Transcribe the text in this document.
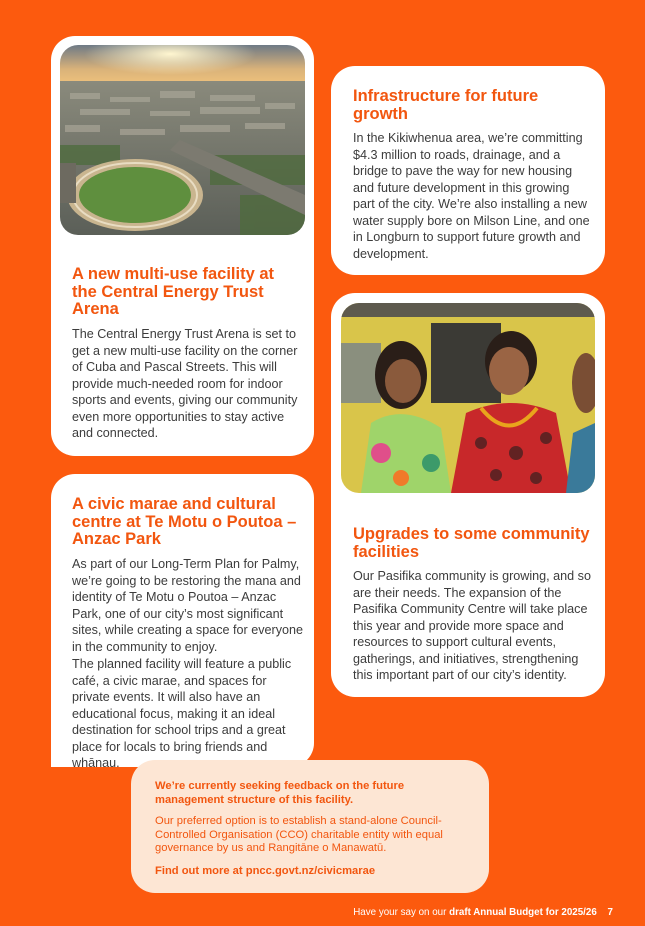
A new multi-use facility at the Central Energy Trust Arena

The Central Energy Trust Arena is set to get a new multi-use facility on the corner of Cuba and Pascal Streets. This will provide much-needed room for indoor sports and events, giving our community even more opportunities to stay active and connected.

Infrastructure for future growth

In the Kikiwhenua area, we’re committing $4.3 million to roads, drainage, and a bridge to pave the way for new housing and future development in this growing part of the city. We’re also installing a new water supply bore on Milson Line, and one in Longburn to support future growth and development.

Upgrades to some community facilities

Our Pasifika community is growing, and so are their needs. The expansion of the Pasifika Community Centre will take place this year and provide more space and resources to support cultural events, gatherings, and initiatives, strengthening this important part of our city’s identity.

A civic marae and cultural centre at Te Motu o Poutoa – Anzac Park

As part of our Long-Term Plan for Palmy, we’re going to be restoring the mana and identity of Te Motu o Poutoa – Anzac Park, one of our city’s most significant sites, while creating a space for everyone in the community to enjoy.

The planned facility will feature a public café, a civic marae, and spaces for private events. It will also have an educational focus, making it an ideal destination for school trips and a great place for locals to bring friends and whānau.

We’re currently seeking feedback on the future management structure of this facility.

Our preferred option is to establish a stand-alone Council-Controlled Organisation (CCO) charitable entity with equal governance by us and Rangitāne o Manawatū.

Find out more at pncc.govt.nz/civicmarae

Have your say on our draft Annual Budget for 2025/26 7
